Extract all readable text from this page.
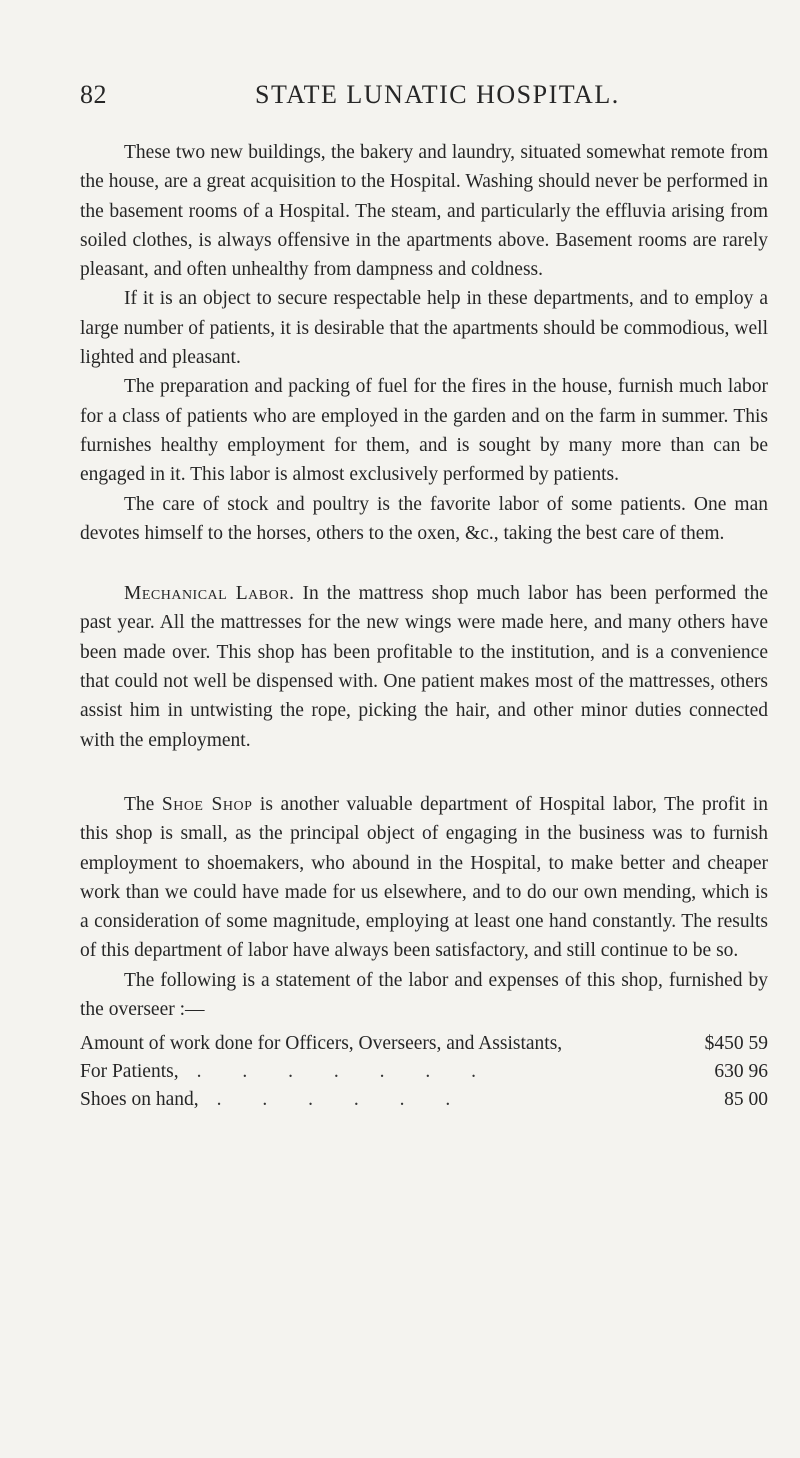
82	STATE LUNATIC HOSPITAL.

These two new buildings, the bakery and laundry, situated somewhat remote from the house, are a great acquisition to the Hospital. Washing should never be performed in the basement rooms of a Hospital. The steam, and particularly the effluvia arising from soiled clothes, is always offensive in the apartments above. Basement rooms are rarely pleasant, and often unhealthy from dampness and coldness.

If it is an object to secure respectable help in these departments, and to employ a large number of patients, it is desirable that the apartments should be commodious, well lighted and pleasant.

The preparation and packing of fuel for the fires in the house, furnish much labor for a class of patients who are employed in the garden and on the farm in summer. This furnishes healthy employment for them, and is sought by many more than can be engaged in it. This labor is almost exclusively performed by patients.

The care of stock and poultry is the favorite labor of some patients. One man devotes himself to the horses, others to the oxen, &c., taking the best care of them.

Mechanical Labor. In the mattress shop much labor has been performed the past year. All the mattresses for the new wings were made here, and many others have been made over. This shop has been profitable to the institution, and is a convenience that could not well be dispensed with. One patient makes most of the mattresses, others assist him in untwisting the rope, picking the hair, and other minor duties connected with the employment.

The Shoe Shop is another valuable department of Hospital labor, The profit in this shop is small, as the principal object of engaging in the business was to furnish employment to shoemakers, who abound in the Hospital, to make better and cheaper work than we could have made for us elsewhere, and to do our own mending, which is a consideration of some magnitude, employing at least one hand constantly. The results of this department of labor have always been satisfactory, and still continue to be so.

The following is a statement of the labor and expenses of this shop, furnished by the overseer :—

Amount of work done for Officers, Overseers, and Assistants,	$450 59
For Patients, . . . . . . .	630 96
Shoes on hand, . . . . . .	85 00
